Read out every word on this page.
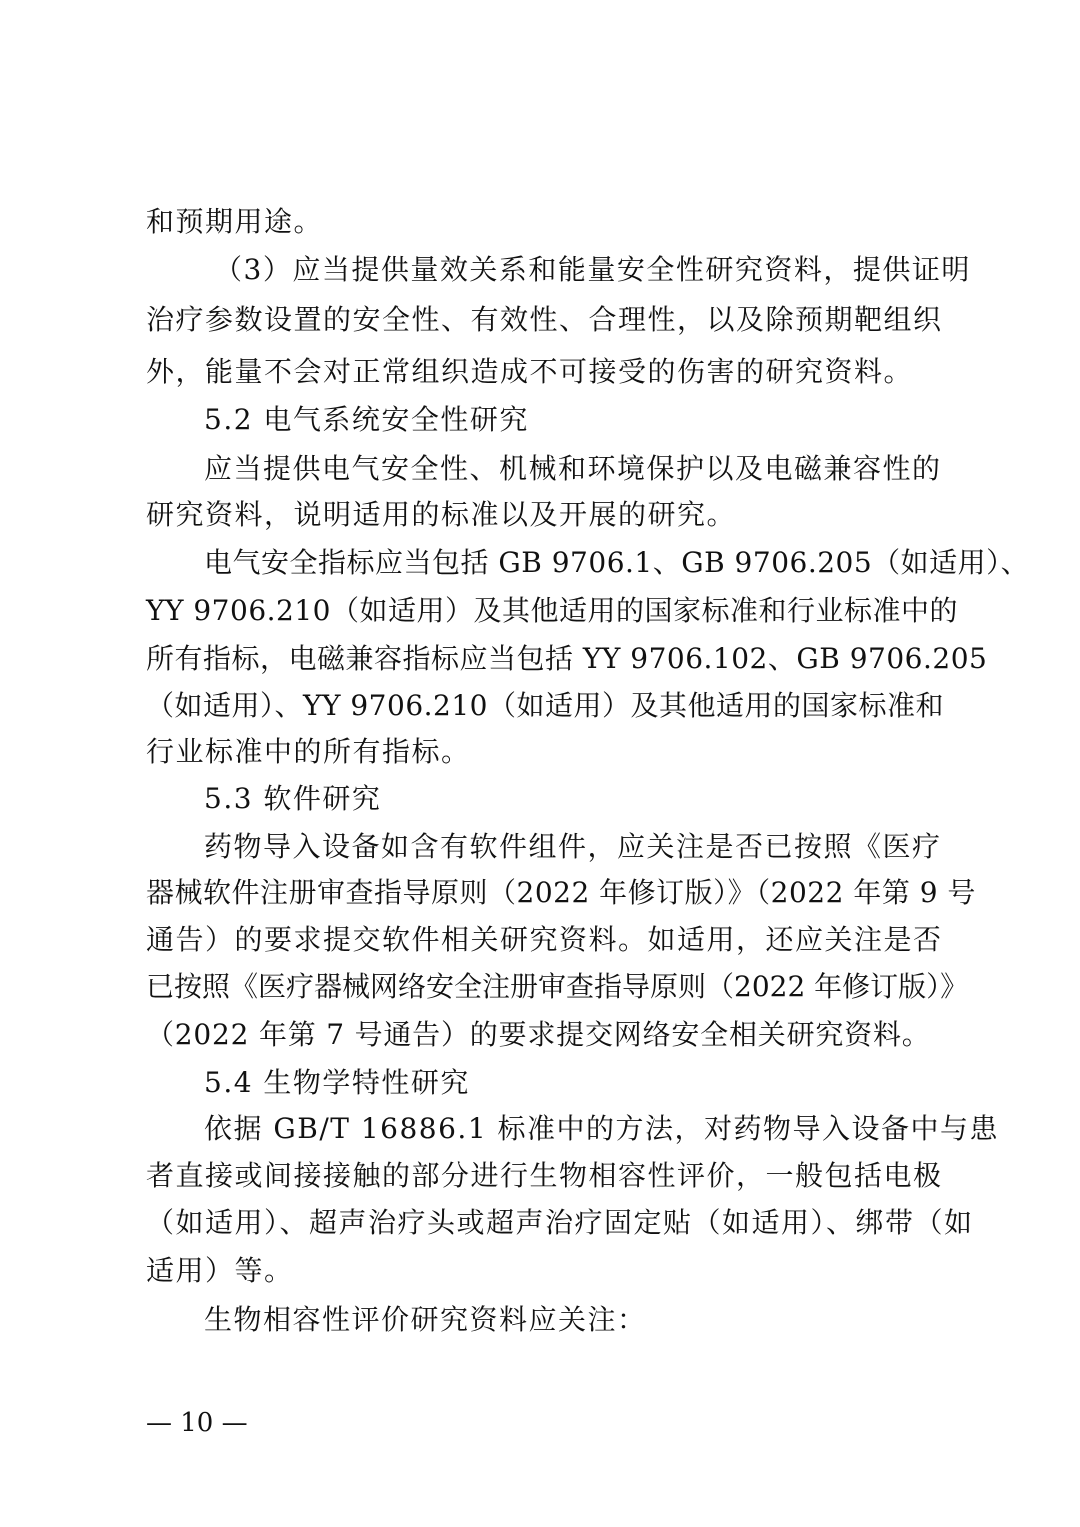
和预期用途。
（3）应当提供量效关系和能量安全性研究资料，提供证明
治疗参数设置的安全性、有效性、合理性，以及除预期靶组织
外，能量不会对正常组织造成不可接受的伤害的研究资料。
5.2 电气系统安全性研究
应当提供电气安全性、机械和环境保护以及电磁兼容性的
研究资料，说明适用的标准以及开展的研究。
电气安全指标应当包括 GB 9706.1、GB 9706.205（如适用）、
YY 9706.210（如适用）及其他适用的国家标准和行业标准中的
所有指标，电磁兼容指标应当包括 YY 9706.102、GB 9706.205
（如适用）、YY 9706.210（如适用）及其他适用的国家标准和
行业标准中的所有指标。
5.3 软件研究
药物导入设备如含有软件组件，应关注是否已按照《医疗
器械软件注册审查指导原则（2022 年修订版）》（2022 年第 9 号
通告）的要求提交软件相关研究资料。如适用，还应关注是否
已按照《医疗器械网络安全注册审查指导原则（2022 年修订版）》
（2022 年第 7 号通告）的要求提交网络安全相关研究资料。
5.4 生物学特性研究
依据 GB/T 16886.1 标准中的方法，对药物导入设备中与患
者直接或间接接触的部分进行生物相容性评价，一般包括电极
（如适用）、超声治疗头或超声治疗固定贴（如适用）、绑带（如
适用）等。
生物相容性评价研究资料应关注：
— 10 —
